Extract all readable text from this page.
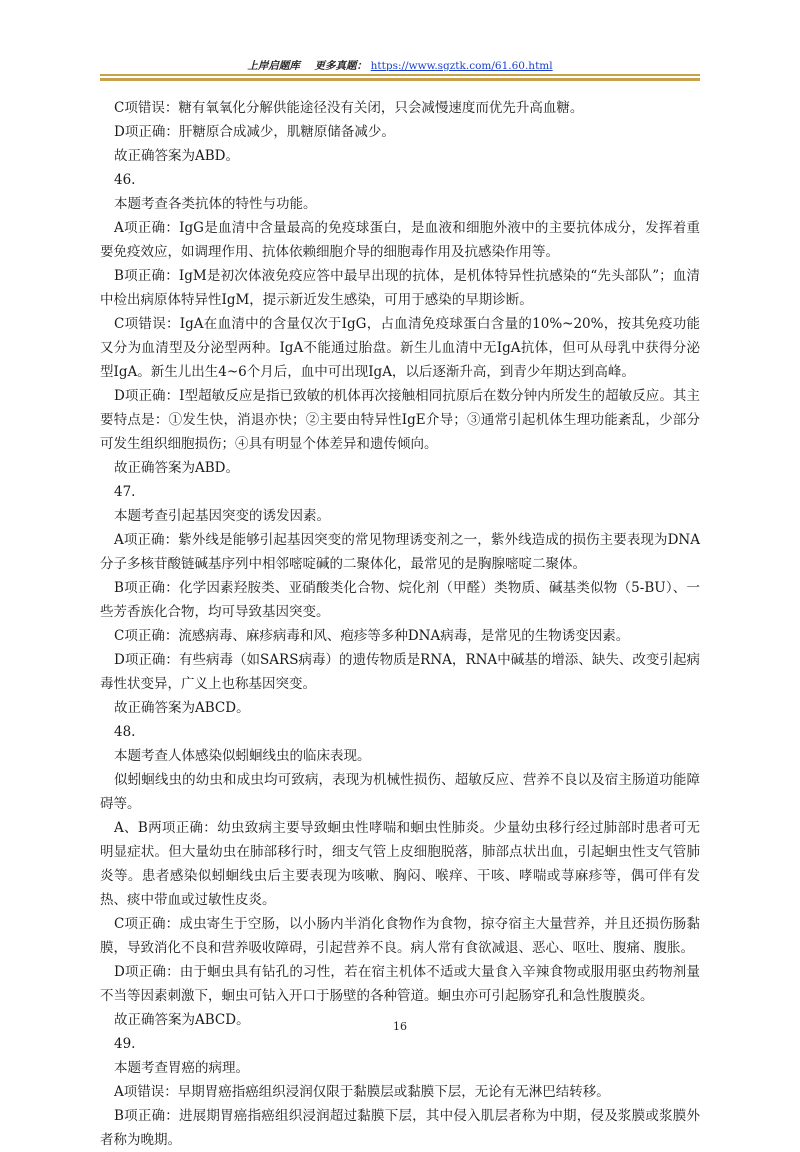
上岸启题库 更多真题： https://www.sgztk.com/61.60.html

C项错误：糖有氧氧化分解供能途径没有关闭，只会减慢速度而优先升高血糖。

D项正确：肝糖原合成减少，肌糖原储备减少。

故正确答案为ABD。

46.

本题考查各类抗体的特性与功能。

A项正确：IgG是血清中含量最高的免疫球蛋白，是血液和细胞外液中的主要抗体成分，发挥着重要免疫效应，如调理作用、抗体依赖细胞介导的细胞毒作用及抗感染作用等。

B项正确：IgM是初次体液免疫应答中最早出现的抗体，是机体特异性抗感染的“先头部队”；血清中检出病原体特异性IgM，提示新近发生感染，可用于感染的早期诊断。

C项错误：IgA在血清中的含量仅次于IgG，占血清免疫球蛋白含量的10%~20%，按其免疫功能又分为血清型及分泌型两种。IgA不能通过胎盘。新生儿血清中无IgA抗体，但可从母乳中获得分泌型IgA。新生儿出生4~6个月后，血中可出现IgA，以后逐渐升高，到青少年期达到高峰。

D项正确：I型超敏反应是指已致敏的机体再次接触相同抗原后在数分钟内所发生的超敏反应。其主要特点是：①发生快，消退亦快；②主要由特异性IgE介导；③通常引起机体生理功能紊乱，少部分可发生组织细胞损伤；④具有明显个体差异和遗传倾向。

故正确答案为ABD。

47.

本题考查引起基因突变的诱发因素。

A项正确：紫外线是能够引起基因突变的常见物理诱变剂之一，紫外线造成的损伤主要表现为DNA分子多核苷酸链碱基序列中相邻嘧啶碱的二聚体化，最常见的是胸腺嘧啶二聚体。

B项正确：化学因素羟胺类、亚硝酸类化合物、烷化剂（甲醛）类物质、碱基类似物（5-BU）、一些芳香族化合物，均可导致基因突变。

C项正确：流感病毒、麻疹病毒和风、疱疹等多种DNA病毒，是常见的生物诱变因素。

D项正确：有些病毒（如SARS病毒）的遗传物质是RNA，RNA中碱基的增添、缺失、改变引起病毒性状变异，广义上也称基因突变。

故正确答案为ABCD。

48.

本题考查人体感染似蚓蛔线虫的临床表现。

似蚓蛔线虫的幼虫和成虫均可致病，表现为机械性损伤、超敏反应、营养不良以及宿主肠道功能障碍等。

A、B两项正确：幼虫致病主要导致蛔虫性哮喘和蛔虫性肺炎。少量幼虫移行经过肺部时患者可无明显症状。但大量幼虫在肺部移行时，细支气管上皮细胞脱落，肺部点状出血，引起蛔虫性支气管肺炎等。患者感染似蚓蛔线虫后主要表现为咳嗽、胸闷、喉痒、干咳、哮喘或荨麻疹等，偶可伴有发热、痰中带血或过敏性皮炎。

C项正确：成虫寄生于空肠，以小肠内半消化食物作为食物，掠夺宿主大量营养，并且还损伤肠黏膜，导致消化不良和营养吸收障碍，引起营养不良。病人常有食欲减退、恶心、呕吐、腹痛、腹胀。

D项正确：由于蛔虫具有钻孔的习性，若在宿主机体不适或大量食入辛辣食物或服用驱虫药物剂量不当等因素刺激下，蛔虫可钻入开口于肠壁的各种管道。蛔虫亦可引起肠穿孔和急性腹膜炎。

故正确答案为ABCD。

49.

本题考查胃癌的病理。

A项错误：早期胃癌指癌组织浸润仅限于黏膜层或黏膜下层，无论有无淋巴结转移。

B项正确：进展期胃癌指癌组织浸润超过黏膜下层，其中侵入肌层者称为中期，侵及浆膜或浆膜外者称为晚期。

16
